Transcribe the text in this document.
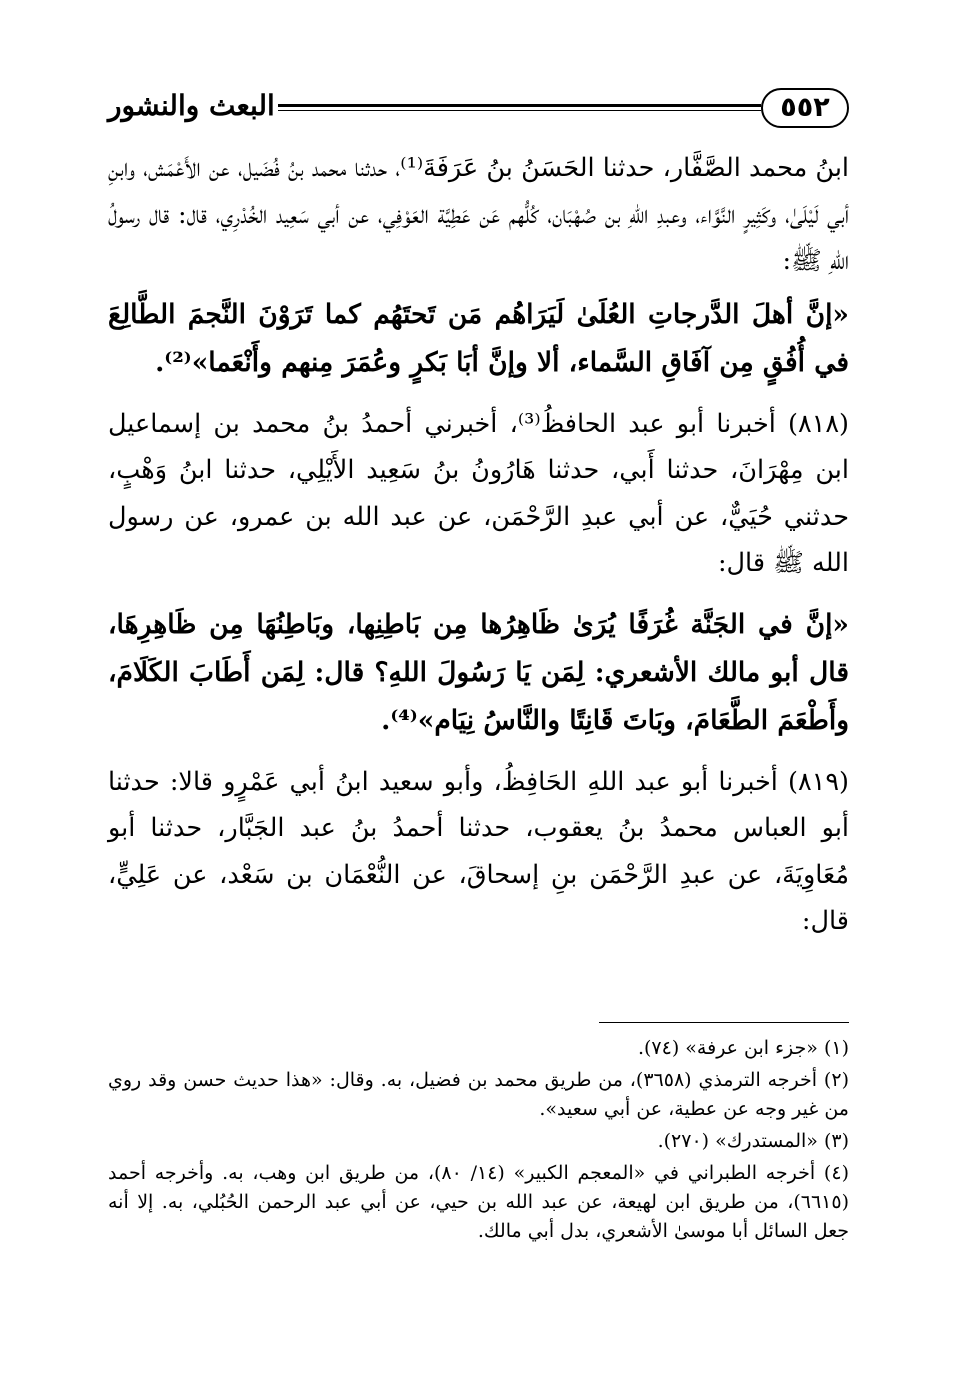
٥٥٢
البعث والنشور

ابنُ محمد الصَّفَّار، حدثنا الحَسَنُ بنُ عَرَفَةَ⁽¹⁾، حدثنا محمد بنُ فُضَيل، عن الأَعْمَش، وابنِ أبي لَيْلَىٰ، وكَثِيرٍ النَّوَّاء، وعبدِ اللهِ بن صُهْبَان، كُلُّهم عَن عَطِيَّة العَوْفِي، عن أبي سَعِيد الخُدْرِي، قال: قال رسولُ اللهِ ﷺ:

«إنَّ أهلَ الدَّرجاتِ العُلَىٰ لَيَرَاهُم مَن تَحتَهُم كما تَرَوْنَ النَّجمَ الطَّالِعَ في أُفُقٍ مِن آفَاقِ السَّماء، ألا وإنَّ أبَا بَكرٍ وعُمَرَ مِنهم وأَنْعَما»⁽²⁾.

(٨١٨) أخبرنا أبو عبد الحافظُ⁽³⁾، أخبرني أحمدُ بنُ محمد بن إسماعيل ابن مِهْرَانَ، حدثنا أَبي، حدثنا هَارُونُ بنُ سَعِيد الأَيْلِي، حدثنا ابنُ وَهْبٍ، حدثني حُيَيٌّ، عن أبي عبدِ الرَّحْمَن، عن عبد الله بن عمرو، عن رسول الله ﷺ قال:

«إنَّ في الجَنَّة غُرَفًا يُرَىٰ ظَاهِرُها مِن بَاطِنِها، وبَاطِنُهَا مِن ظَاهِرِهَا، قال أبو مالك الأشعري: لِمَن يَا رَسُولَ اللهِ؟ قال: لِمَن أَطَابَ الكَلَامَ، وأَطْعَمَ الطَّعَامَ، وبَاتَ قَانِتًا والنَّاسُ نِيَام»⁽⁴⁾.

(٨١٩) أخبرنا أبو عبد اللهِ الحَافِظُ، وأبو سعيد ابنُ أبي عَمْرٍو قالا: حدثنا أبو العباس محمدُ بنُ يعقوب، حدثنا أحمدُ بنُ عبد الجَبَّار، حدثنا أبو مُعَاوِيَةَ، عن عبدِ الرَّحْمَن بنِ إسحاقَ، عن النُّعْمَان بن سَعْد، عن عَلِيٍّ، قال:

(١) «جزء ابن عرفة» (٧٤).

(٢) أخرجه الترمذي (٣٦٥٨)، من طريق محمد بن فضيل، به. وقال: «هذا حديث حسن وقد روي من غير وجه عن عطية، عن أبي سعيد».

(٣) «المستدرك» (٢٧٠).

(٤) أخرجه الطبراني في «المعجم الكبير» (١٤/ ٨٠)، من طريق ابن وهب، به. وأخرجه أحمد (٦٦١٥)، من طريق ابن لهيعة، عن عبد الله بن حيي، عن أبي عبد الرحمن الحُبُلي، به. إلا أنه جعل السائل أبا موسىٰ الأشعري، بدل أبي مالك.
